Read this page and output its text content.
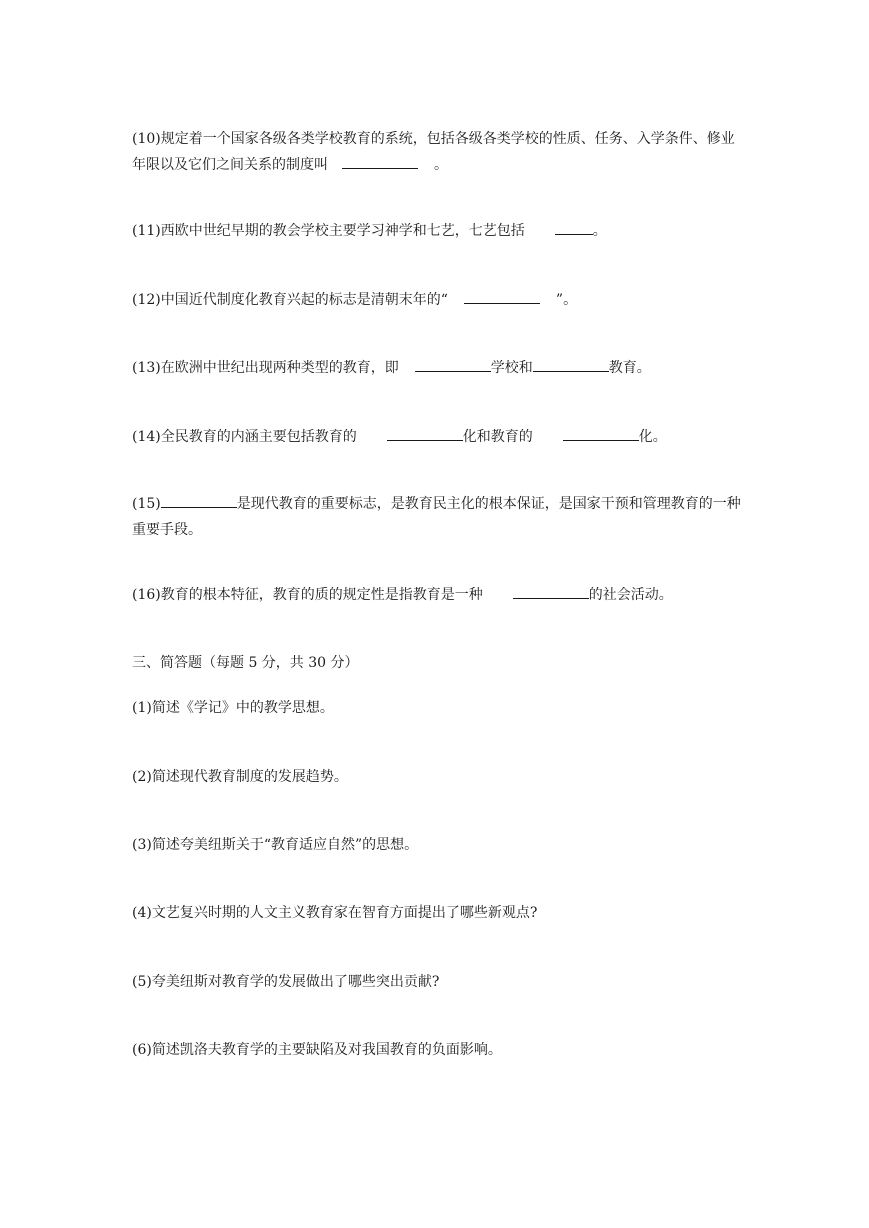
(10)规定着一个国家各级各类学校教育的系统，包括各级各类学校的性质、任务、入学条件、修业年限以及它们之间关系的制度叫	。
(11)西欧中世纪早期的教会学校主要学习神学和七艺，七艺包括	。
(12)中国近代制度化教育兴起的标志是清朝末年的“	”。
(13)在欧洲中世纪出现两种类型的教育，即	学校和	教育。
(14)全民教育的内涵主要包括教育的	化和教育的	化。
(15)	是现代教育的重要标志，是教育民主化的根本保证，是国家干预和管理教育的一种重要手段。
(16)教育的根本特征，教育的质的规定性是指教育是一种	的社会活动。
三、简答题（每题 5 分，共 30 分）
(1)简述《学记》中的教学思想。
(2)简述现代教育制度的发展趋势。
(3)简述夸美纽斯关于“教育适应自然”的思想。
(4)文艺复兴时期的人文主义教育家在智育方面提出了哪些新观点?
(5)夸美纽斯对教育学的发展做出了哪些突出贡献?
(6)简述凯洛夫教育学的主要缺陷及对我国教育的负面影响。
